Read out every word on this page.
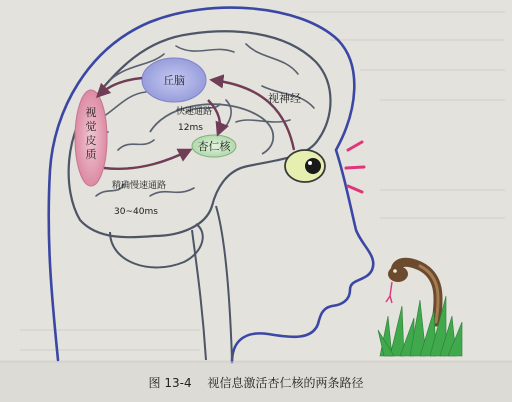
丘脑
视觉皮质
杏仁核
快速通路
12ms
视神经
精确慢速通路
30~40ms
图 13-4 视信息激活杏仁核的两条路径
